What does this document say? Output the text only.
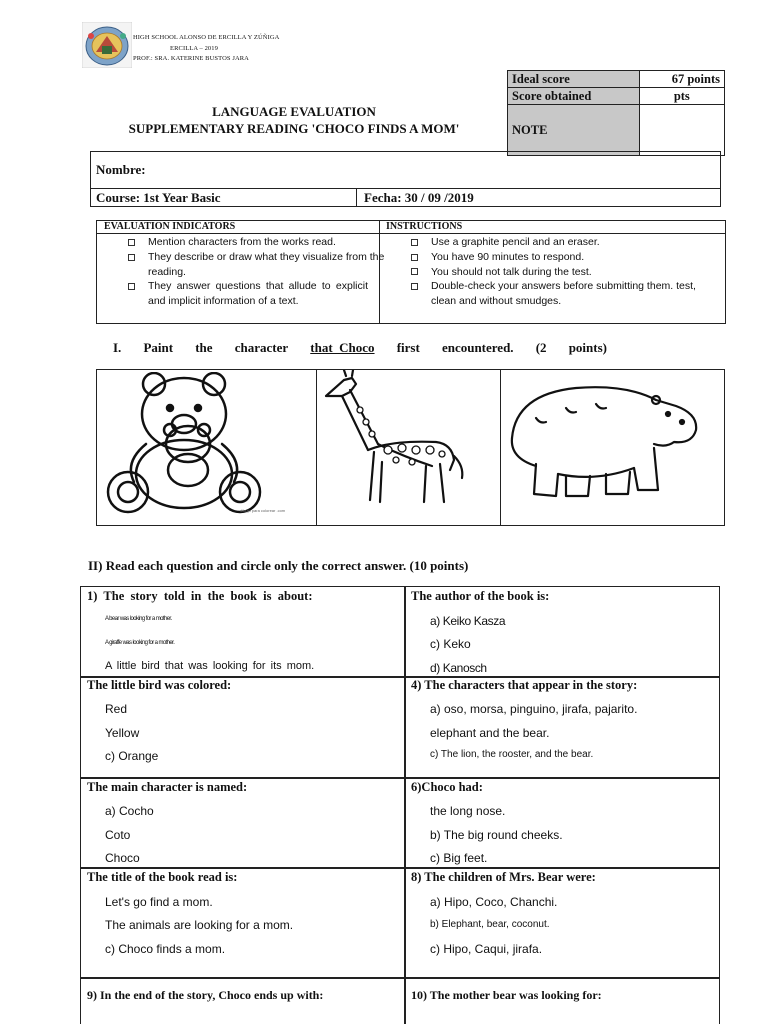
HIGH SCHOOL ALONSO DE ERCILLA Y ZÚÑIGA
ERCILLA – 2019
PROF.: SRA. KATERINE BUSTOS JARA
Ideal score	67 points
Score obtained	pts
NOTE	
LANGUAGE EVALUATION
SUPPLEMENTARY READING 'CHOCO FINDS A MOM'
Nombre:
Course: 1st Year Basic	Fecha: 30 / 09 /2019
EVALUATION INDICATORS	INSTRUCTIONS
Mention characters from the works read.
They describe or draw what they visualize from the reading.
They answer questions that allude to explicit and implicit information of a text.
Use a graphite pencil and an eraser.
You have 90 minutes to respond.
You should not talk during the test.
Double-check your answers before submitting them. test, clean and without smudges.
I. Paint the character that  Choco first encountered. (2 points)
dibujo para colorear .com
II) Read each question and circle only the correct answer. (10 points)
1)  The  story  told  in  the  book  is  about:
A bear was looking for a mother.
A giraffe was looking for a mother.
A little bird that was looking for its mom.
The author of the book is:
a) Keiko Kasza
c) Keko
d) Kanosch
The little bird was colored:
Red
Yellow
c) Orange
4) The characters that appear in the story:
a) oso, morsa, pinguino, jirafa, pajarito.
elephant and the bear.
c) The lion, the rooster, and the bear.
The main character is named:
a) Cocho
Coto
Choco
6)Choco had:
the long nose.
b) The big round cheeks.
c) Big feet.
The title of the book read is:
Let's go find a mom.
The animals are looking for a mom.
c) Choco finds a mom.
8) The children of Mrs. Bear were:
a) Hipo, Coco, Chanchi.
b) Elephant, bear, coconut.
c) Hipo, Caqui, jirafa.
9) In the end of the story, Choco ends up with:	10) The mother bear was looking for:
